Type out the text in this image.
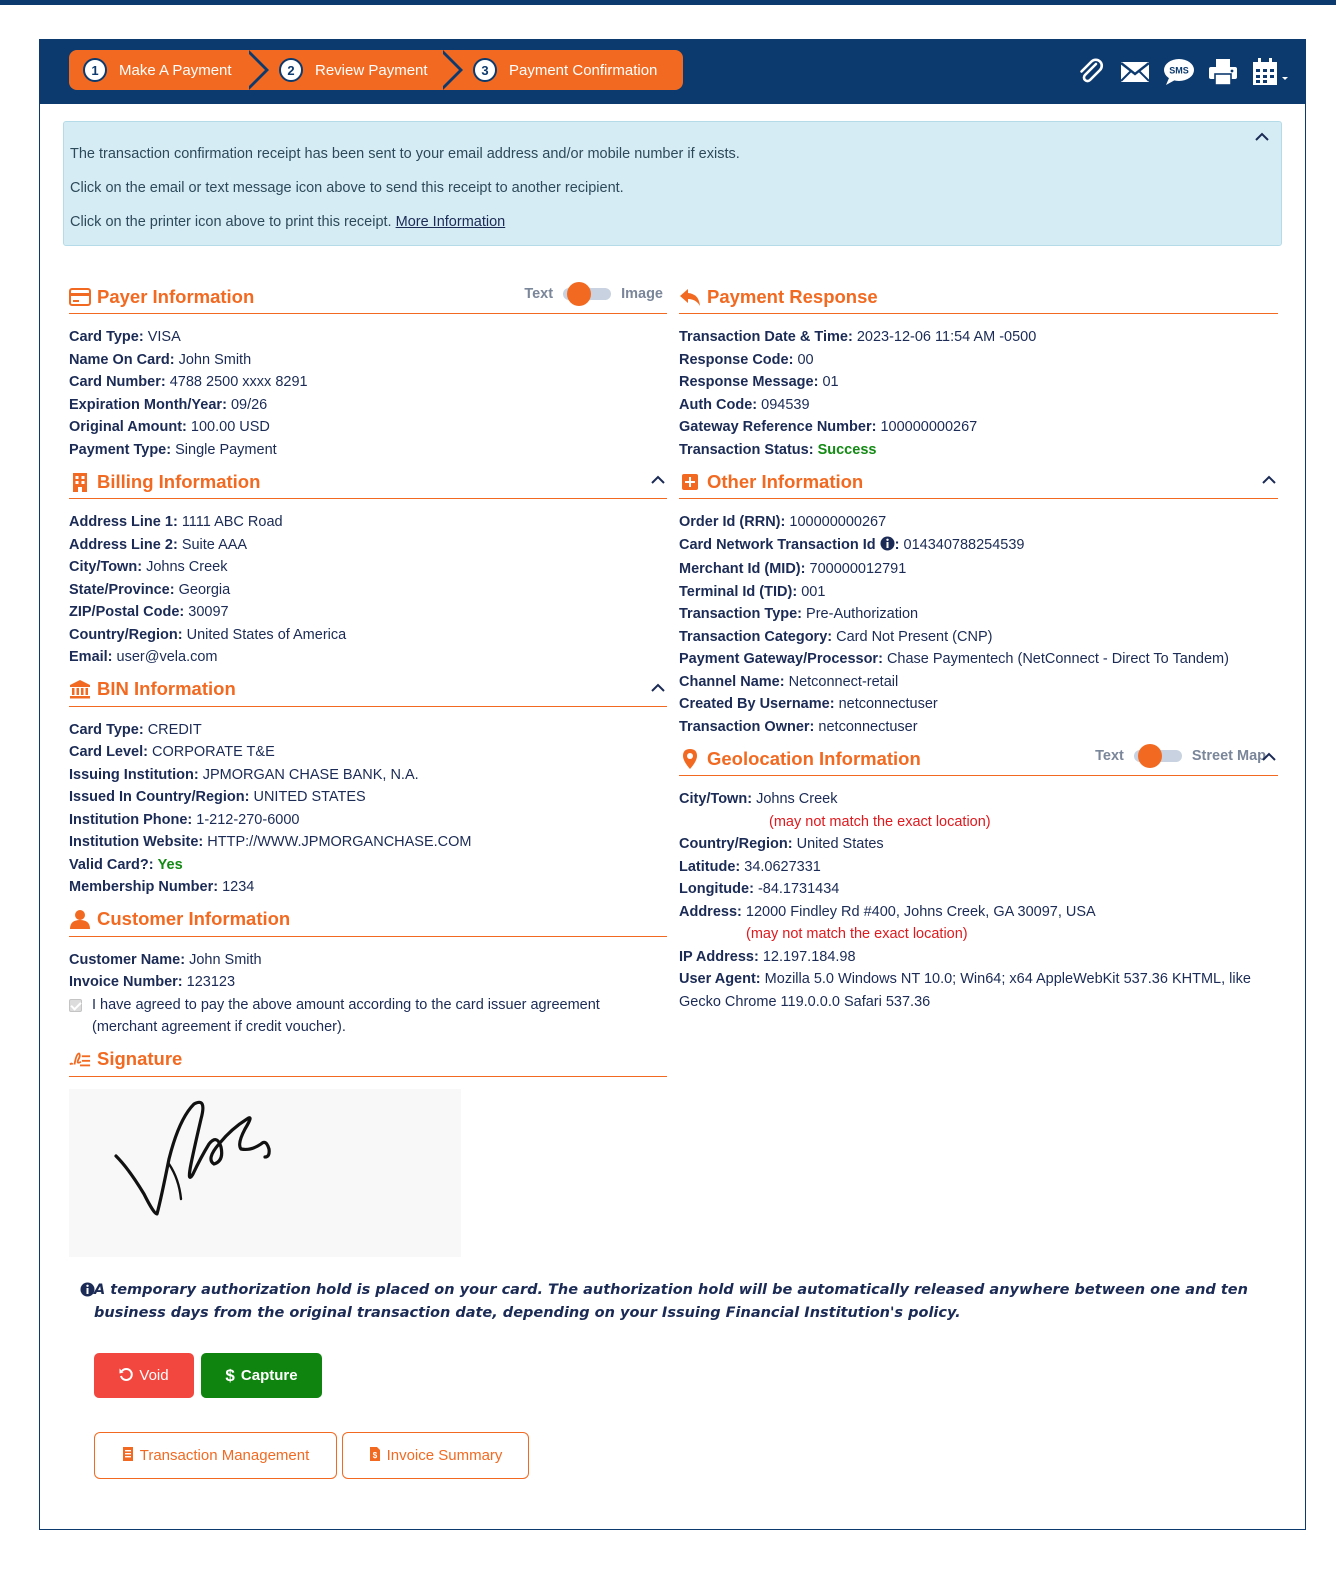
1	Make A Payment	2	Review Payment	3	Payment Confirmation	SMS

The transaction confirmation receipt has been sent to your email address and/or mobile number if exists.

Click on the email or text message icon above to send this receipt to another recipient.

Click on the printer icon above to print this receipt. More Information

Payer Information	Text	Image
Card Type: VISA
Name On Card: John Smith
Card Number: 4788 2500 xxxx 8291
Expiration Month/Year: 09/26
Original Amount: 100.00 USD
Payment Type: Single Payment
Billing Information
Address Line 1: 1111 ABC Road
Address Line 2: Suite AAA
City/Town: Johns Creek
State/Province: Georgia
ZIP/Postal Code: 30097
Country/Region: United States of America
Email: user@vela.com
BIN Information
Card Type: CREDIT
Card Level: CORPORATE T&E
Issuing Institution: JPMORGAN CHASE BANK, N.A.
Issued In Country/Region: UNITED STATES
Institution Phone: 1-212-270-6000
Institution Website: HTTP://WWW.JPMORGANCHASE.COM
Valid Card?: Yes
Membership Number: 1234
Customer Information
Customer Name: John Smith
Invoice Number: 123123
I have agreed to pay the above amount according to the card issuer agreement (merchant agreement if credit voucher).
Signature
Payment Response
Transaction Date & Time: 2023-12-06 11:54 AM -0500
Response Code: 00
Response Message: 01
Auth Code: 094539
Gateway Reference Number: 100000000267
Transaction Status: Success
Other Information
Order Id (RRN): 100000000267
Card Network Transaction Id : 014340788254539
Merchant Id (MID): 700000012791
Terminal Id (TID): 001
Transaction Type: Pre-Authorization
Transaction Category: Card Not Present (CNP)
Payment Gateway/Processor: Chase Paymentech (NetConnect - Direct To Tandem)
Channel Name: Netconnect-retail
Created By Username: netconnectuser
Transaction Owner: netconnectuser
Geolocation Information	Text	Street Map
City/Town: Johns Creek
(may not match the exact location)
Country/Region: United States
Latitude: 34.0627331
Longitude: -84.1731434
Address: 12000 Findley Rd #400, Johns Creek, GA 30097, USA
(may not match the exact location)
IP Address: 12.197.184.98
User Agent: Mozilla 5.0 Windows NT 10.0; Win64; x64 AppleWebKit 537.36 KHTML, like Gecko Chrome 119.0.0.0 Safari 537.36
A temporary authorization hold is placed on your card. The authorization hold will be automatically released anywhere between one and ten business days from the original transaction date, depending on your Issuing Financial Institution's policy.
Void	$ Capture
Transaction Management	$ Invoice Summary
